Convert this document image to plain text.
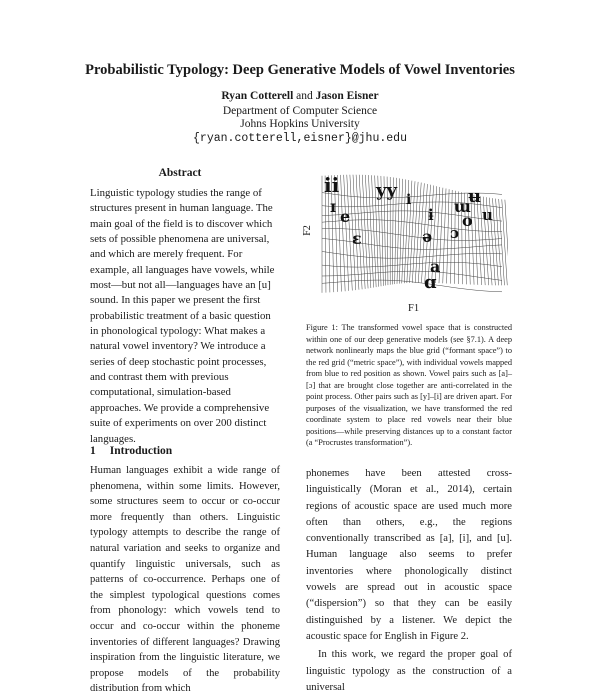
Probabilistic Typology: Deep Generative Models of Vowel Inventories
Ryan Cotterell and Jason Eisner
Department of Computer Science
Johns Hopkins University
{ryan.cotterell,eisner}@jhu.edu
Abstract
Linguistic typology studies the range of structures present in human language. The main goal of the field is to discover which sets of possible phenomena are universal, and which are merely frequent. For example, all languages have vowels, while most—but not all—languages have an [u] sound. In this paper we present the first probabilistic treatment of a basic question in phonological typology: What makes a natural vowel inventory? We introduce a series of deep stochastic point processes, and contrast them with previous computational, simulation-based approaches. We provide a comprehensive suite of experiments on over 200 distinct languages.
1 Introduction
Human languages exhibit a wide range of phenomena, within some limits. However, some structures seem to occur or co-occur more frequently than others. Linguistic typology attempts to describe the range of natural variation and seeks to organize and quantify linguistic universals, such as patterns of co-occurrence. Perhaps one of the simplest typological questions comes from phonology: which vowels tend to occur and co-occur within the phoneme inventories of different languages? Drawing inspiration from the linguistic literature, we propose models of the probability distribution from which
ii yy
ɪ
e
ɛ
ʉ
ɯ u
o
ɔ
ə
a
ɑ
ɨ
i
F2
F1
Figure 1: The transformed vowel space that is constructed within one of our deep generative models (see §7.1). A deep network nonlinearly maps the blue grid (“formant space”) to the red grid (“metric space”), with individual vowels mapped from blue to red position as shown. Vowel pairs such as [a]–[ɔ] that are brought close together are anti-correlated in the point process. Other pairs such as [y]–[i] are driven apart. For purposes of the visualization, we have transformed the red coordinate system to place red vowels near their blue positions—while preserving distances up to a constant factor (a “Procrustes transformation”).

phonemes have been attested cross-linguistically (Moran et al., 2014), certain regions of acoustic space are used much more often than others, e.g., the regions conventionally transcribed as [a], [i], and [u]. Human language also seems to prefer inventories where phonologically distinct vowels are spread out in acoustic space (“dispersion”) so that they can be easily distinguished by a listener. We depict the acoustic space for English in Figure 2.

In this work, we regard the proper goal of linguistic typology as the construction of a universal
